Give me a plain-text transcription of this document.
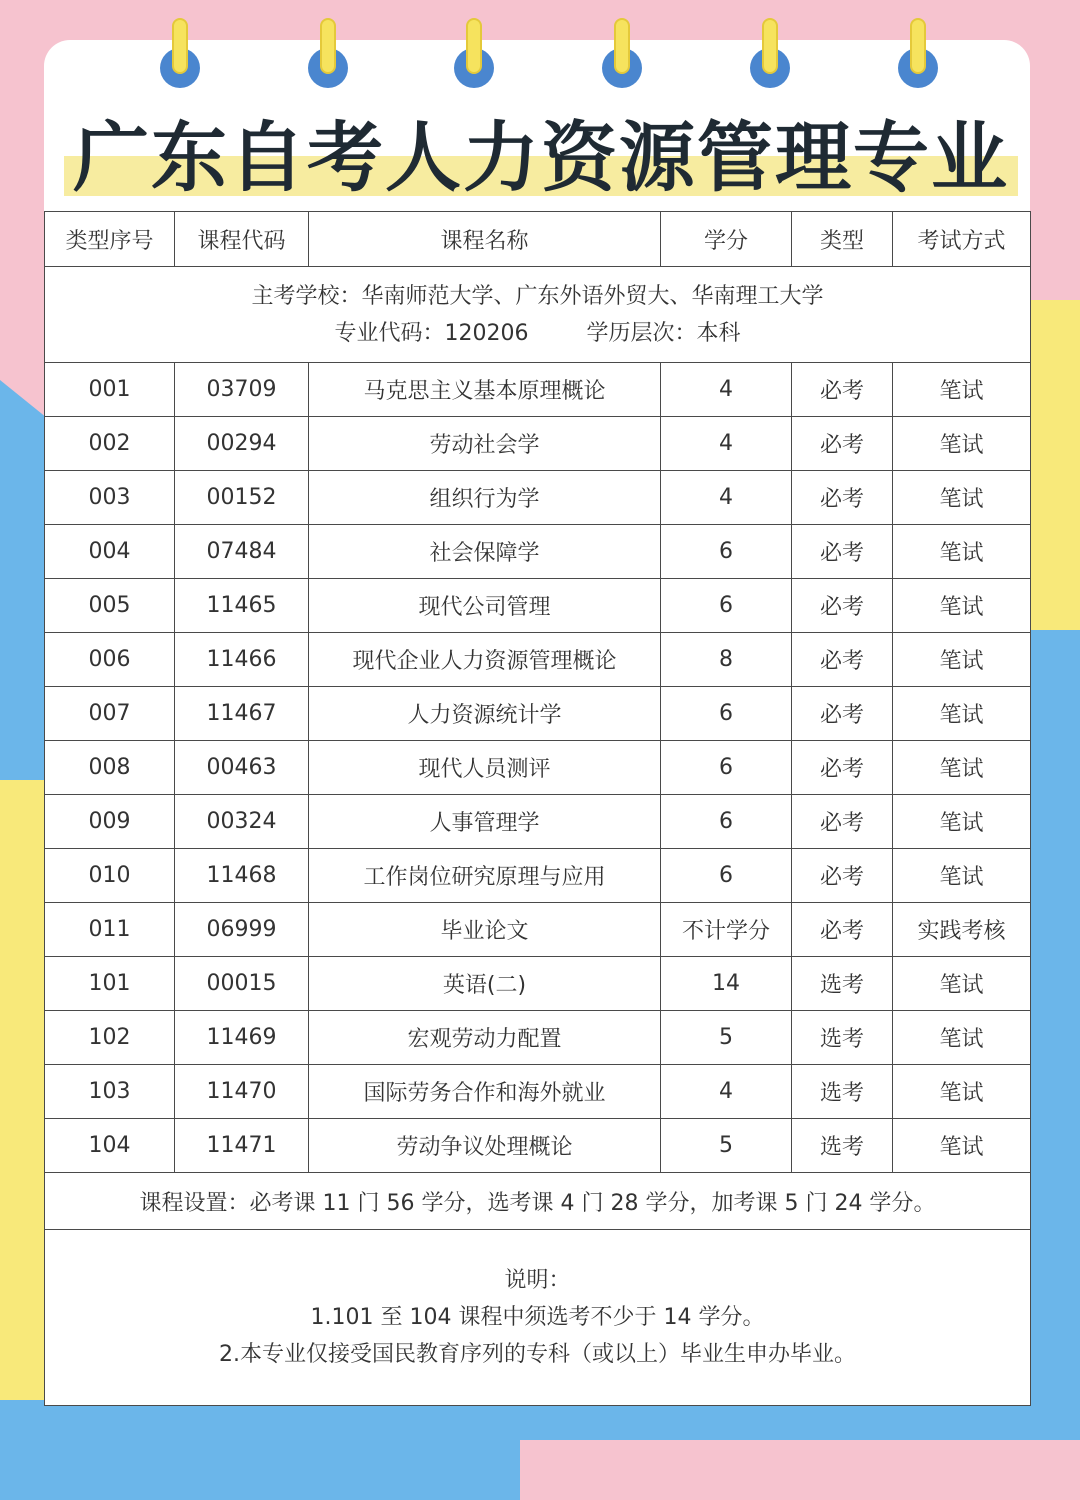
广东自考人力资源管理专业
主考学校：华南师范大学、广东外语外贸大、华南理工大学
专业代码：120206 学历层次：本科					

类型序号	课程代码	课程名称	学分	类型	考试方式
001	03709	马克思主义基本原理概论	4	必考	笔试
002	00294	劳动社会学	4	必考	笔试
003	00152	组织行为学	4	必考	笔试
004	07484	社会保障学	6	必考	笔试
005	11465	现代公司管理	6	必考	笔试
006	11466	现代企业人力资源管理概论	8	必考	笔试
007	11467	人力资源统计学	6	必考	笔试
008	00463	现代人员测评	6	必考	笔试
009	00324	人事管理学	6	必考	笔试
010	11468	工作岗位研究原理与应用	6	必考	笔试
011	06999	毕业论文	不计学分	必考	实践考核
101	00015	英语(二)	14	选考	笔试
102	11469	宏观劳动力配置	5	选考	笔试
103	11470	国际劳务合作和海外就业	4	选考	笔试
104	11471	劳动争议处理概论	5	选考	笔试
课程设置：必考课 11 门 56 学分，选考课 4 门 28 学分，加考课 5 门 24 学分。					

说明：
1.101 至 104 课程中须选考不少于 14 学分。
2.本专业仅接受国民教育序列的专科（或以上）毕业生申办毕业。					
